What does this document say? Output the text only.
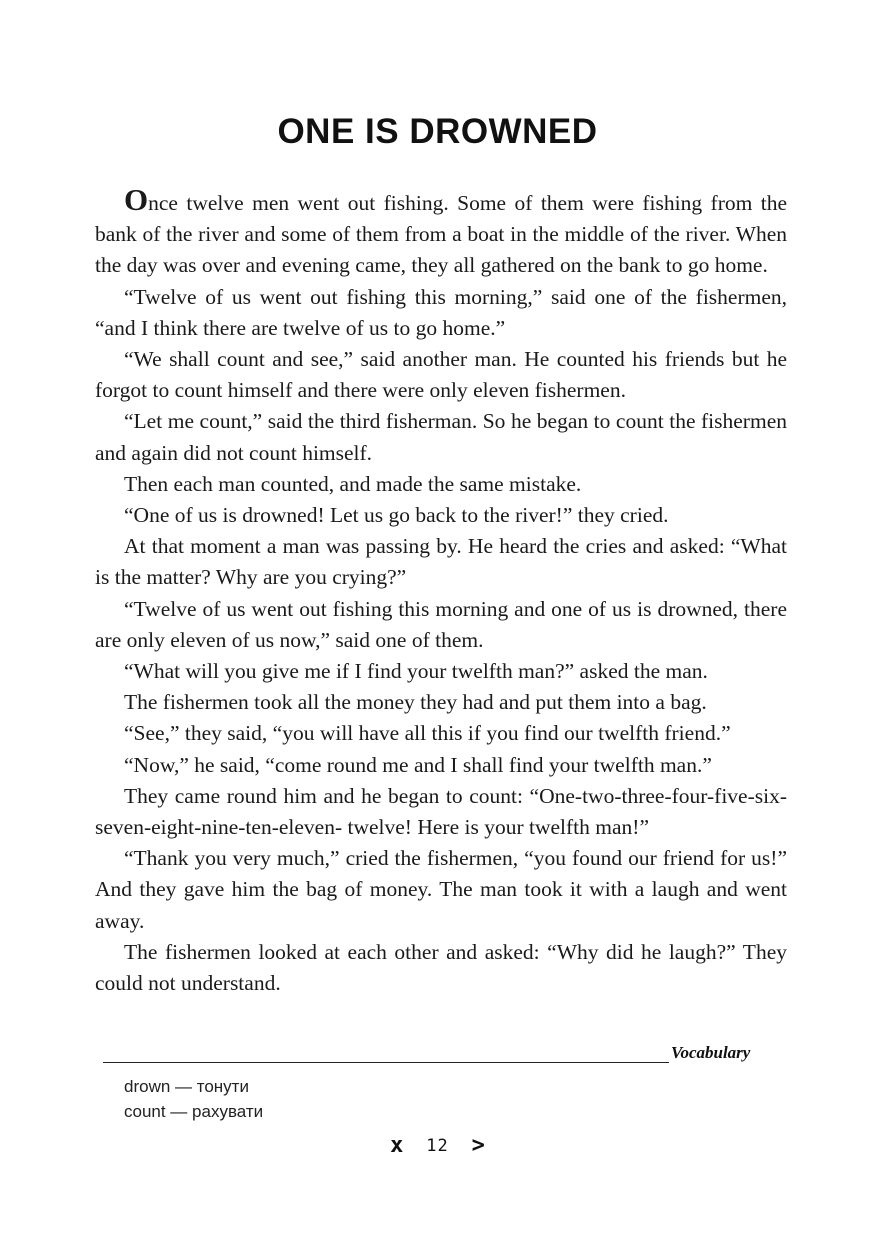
ONE IS DROWNED

Once twelve men went out fishing. Some of them were fishing from the bank of the river and some of them from a boat in the middle of the river. When the day was over and evening came, they all gathered on the bank to go home.

“Twelve of us went out fishing this morning,” said one of the fishermen, “and I think there are twelve of us to go home.”

“We shall count and see,” said another man. He counted his friends but he forgot to count himself and there were only eleven fishermen.

“Let me count,” said the third fisherman. So he began to count the fishermen and again did not count himself.

Then each man counted, and made the same mistake.

“One of us is drowned! Let us go back to the river!” they cried.

At that moment a man was passing by. He heard the cries and asked: “What is the matter? Why are you crying?”

“Twelve of us went out fishing this morning and one of us is drowned, there are only eleven of us now,” said one of them.

“What will you give me if I find your twelfth man?” asked the man.

The fishermen took all the money they had and put them into a bag.

“See,” they said, “you will have all this if you find our twelfth friend.”

“Now,” he said, “come round me and I shall find your twelfth man.”

They came round him and he began to count: “One-two-three-four-five-six-seven-eight-nine-ten-eleven- twelve! Here is your twelfth man!”

“Thank you very much,” cried the fishermen, “you found our friend for us!” And they gave him the bag of money. The man took it with a laugh and went away.

The fishermen looked at each other and asked: “Why did he laugh?” They could not understand.

Vocabulary
drown — тонути
count — рахувати
x 12 >
